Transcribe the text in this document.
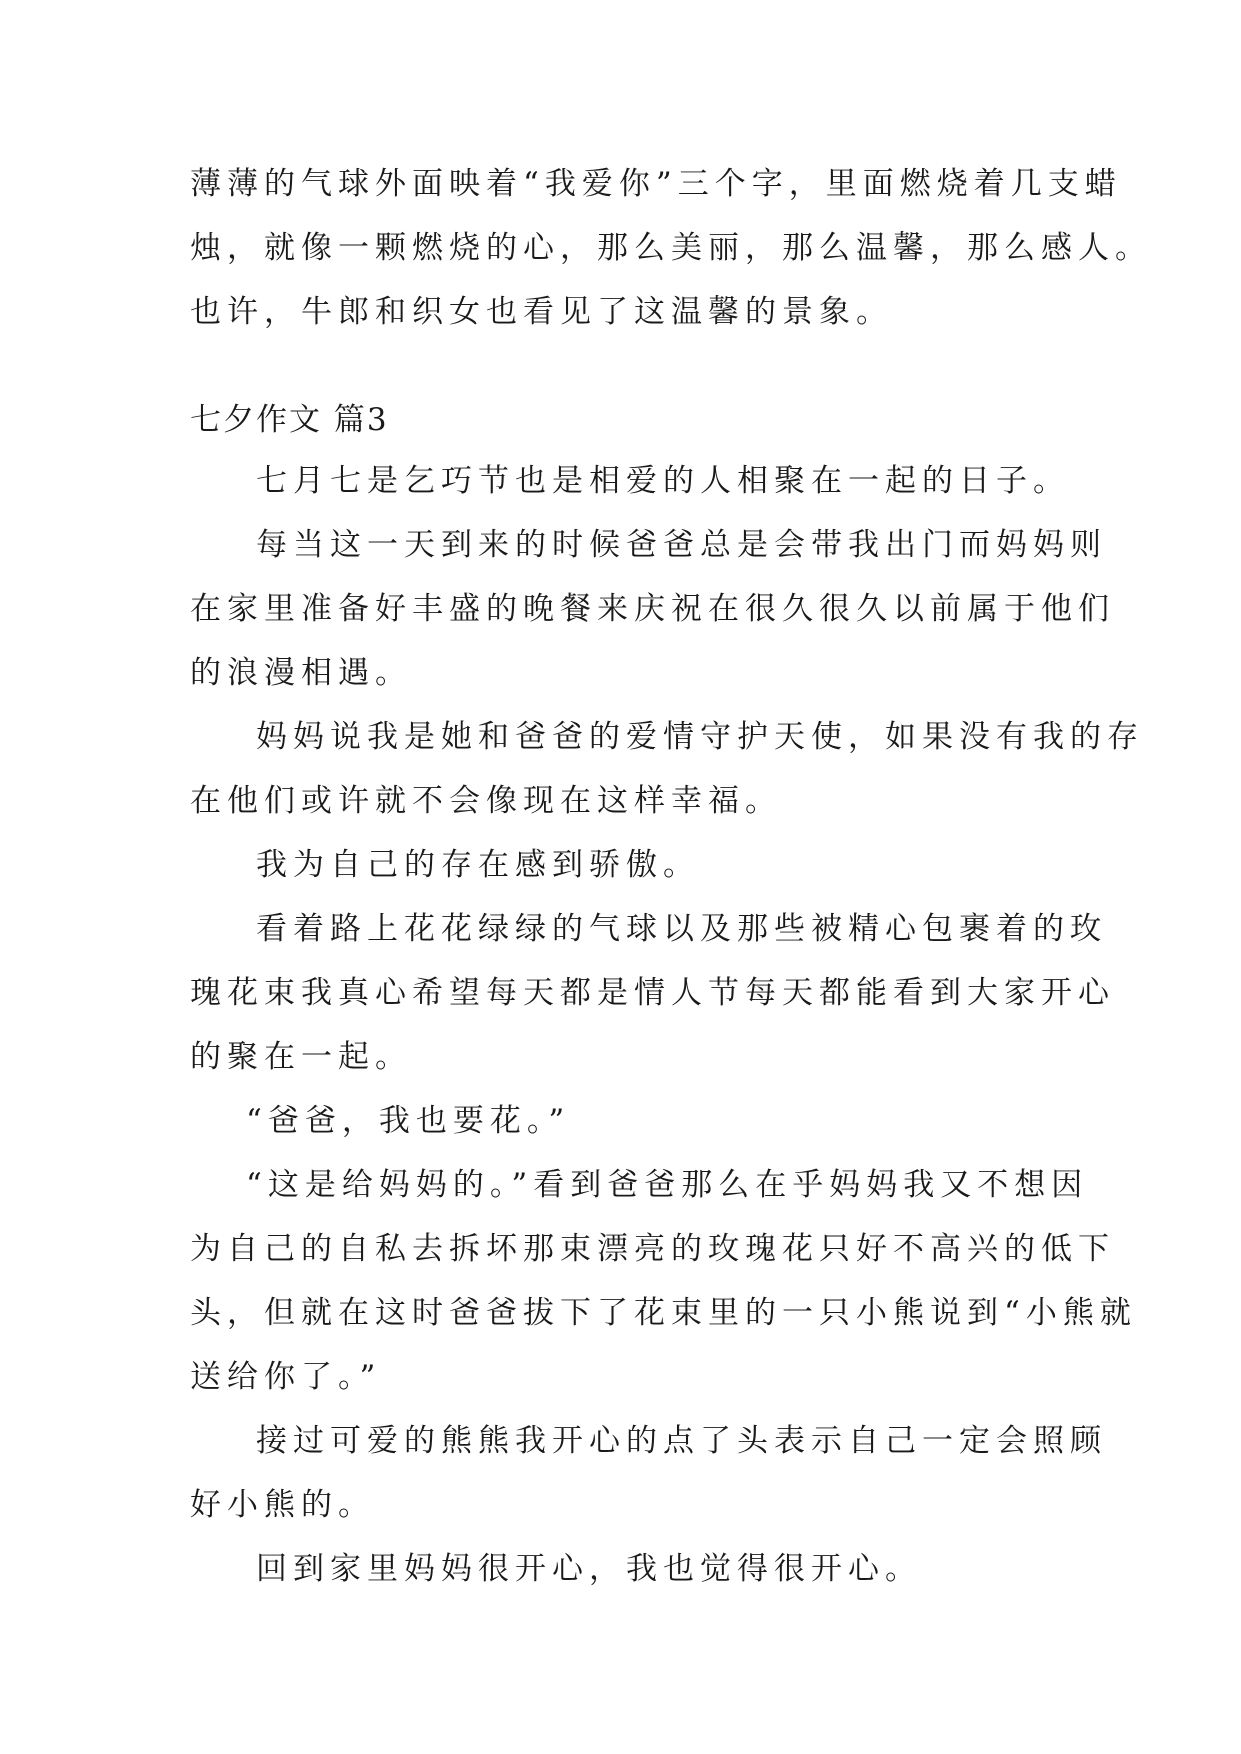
薄薄的气球外面映着“我爱你”三个字，里面燃烧着几支蜡

烛，就像一颗燃烧的心，那么美丽，那么温馨，那么感人。

也许，牛郎和织女也看见了这温馨的景象。

七夕作文 篇3

七月七是乞巧节也是相爱的人相聚在一起的日子。

每当这一天到来的时候爸爸总是会带我出门而妈妈则

在家里准备好丰盛的晚餐来庆祝在很久很久以前属于他们

的浪漫相遇。

妈妈说我是她和爸爸的爱情守护天使，如果没有我的存

在他们或许就不会像现在这样幸福。

我为自己的存在感到骄傲。

看着路上花花绿绿的气球以及那些被精心包裹着的玫

瑰花束我真心希望每天都是情人节每天都能看到大家开心

的聚在一起。

“爸爸，我也要花。”

“这是给妈妈的。”看到爸爸那么在乎妈妈我又不想因

为自己的自私去拆坏那束漂亮的玫瑰花只好不高兴的低下

头，但就在这时爸爸拔下了花束里的一只小熊说到“小熊就

送给你了。”

接过可爱的熊熊我开心的点了头表示自己一定会照顾

好小熊的。

回到家里妈妈很开心，我也觉得很开心。
